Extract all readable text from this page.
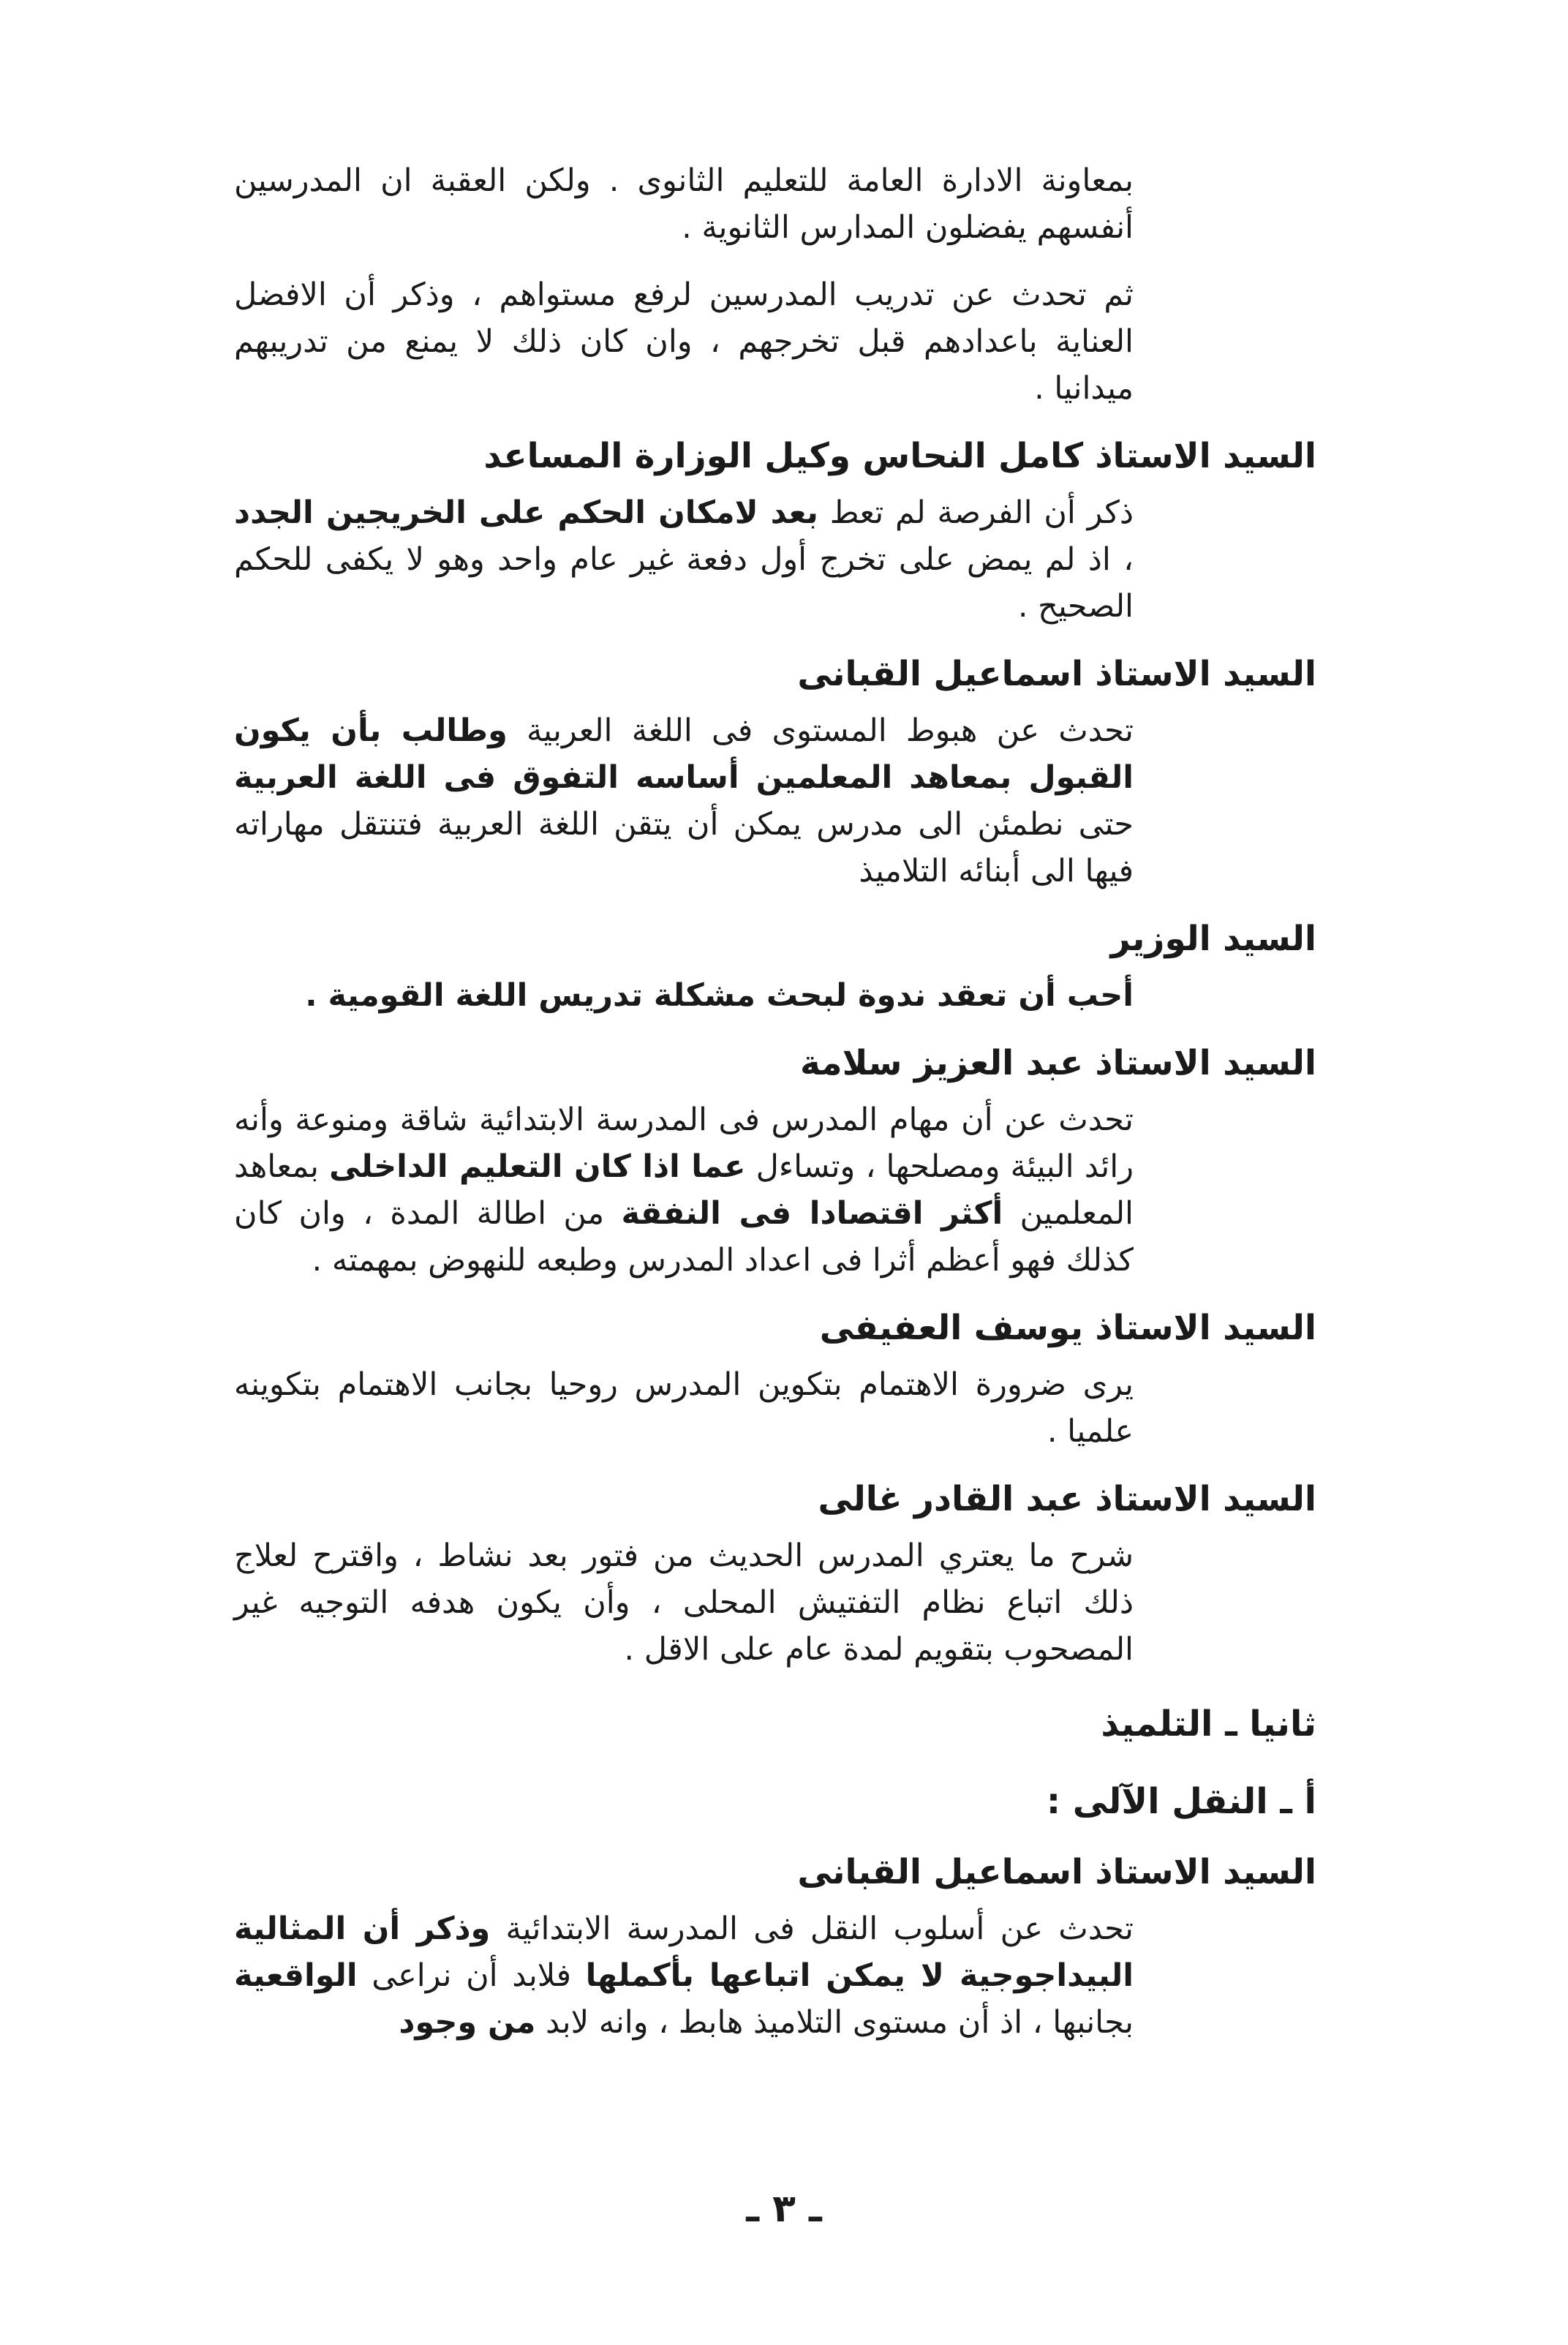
بمعاونة الادارة العامة للتعليم الثانوى . ولكن العقبة ان المدرسين أنفسهم يفضلون المدارس الثانوية .

ثم تحدث عن تدريب المدرسين لرفع مستواهم ، وذكر أن الافضل العناية باعدادهم قبل تخرجهم ، وان كان ذلك لا يمنع من تدريبهم ميدانيا .

السيد الاستاذ كامل النحاس وكيل الوزارة المساعد

ذكر أن الفرصة لم تعط بعد لامكان الحكم على الخريجين الجدد ، اذ لم يمض على تخرج أول دفعة غير عام واحد وهو لا يكفى للحكم الصحيح .

السيد الاستاذ اسماعيل القبانى

تحدث عن هبوط المستوى فى اللغة العربية وطالب بأن يكون القبول بمعاهد المعلمين أساسه التفوق فى اللغة العربية حتى نطمئن الى مدرس يمكن أن يتقن اللغة العربية فتنتقل مهاراته فيها الى أبنائه التلاميذ

السيد الوزير

أحب أن تعقد ندوة لبحث مشكلة تدريس اللغة القومية .

السيد الاستاذ عبد العزيز سلامة

تحدث عن أن مهام المدرس فى المدرسة الابتدائية شاقة ومنوعة وأنه رائد البيئة ومصلحها ، وتساءل عما اذا كان التعليم الداخلى بمعاهد المعلمين أكثر اقتصادا فى النفقة من اطالة المدة ، وان كان كذلك فهو أعظم أثرا فى اعداد المدرس وطبعه للنهوض بمهمته .

السيد الاستاذ يوسف العفيفى

يرى ضرورة الاهتمام بتكوين المدرس روحيا بجانب الاهتمام بتكوينه علميا .

السيد الاستاذ عبد القادر غالى

شرح ما يعتري المدرس الحديث من فتور بعد نشاط ، واقترح لعلاج ذلك اتباع نظام التفتيش المحلى ، وأن يكون هدفه التوجيه غير المصحوب بتقويم لمدة عام على الاقل .

ثانيا ـ التلميذ
أ ـ النقل الآلى :
السيد الاستاذ اسماعيل القبانى

تحدث عن أسلوب النقل فى المدرسة الابتدائية وذكر أن المثالية البيداجوجية لا يمكن اتباعها بأكملها فلابد أن نراعى الواقعية بجانبها ، اذ أن مستوى التلاميذ هابط ، وانه لابد من وجود

ـ ٣ ـ
